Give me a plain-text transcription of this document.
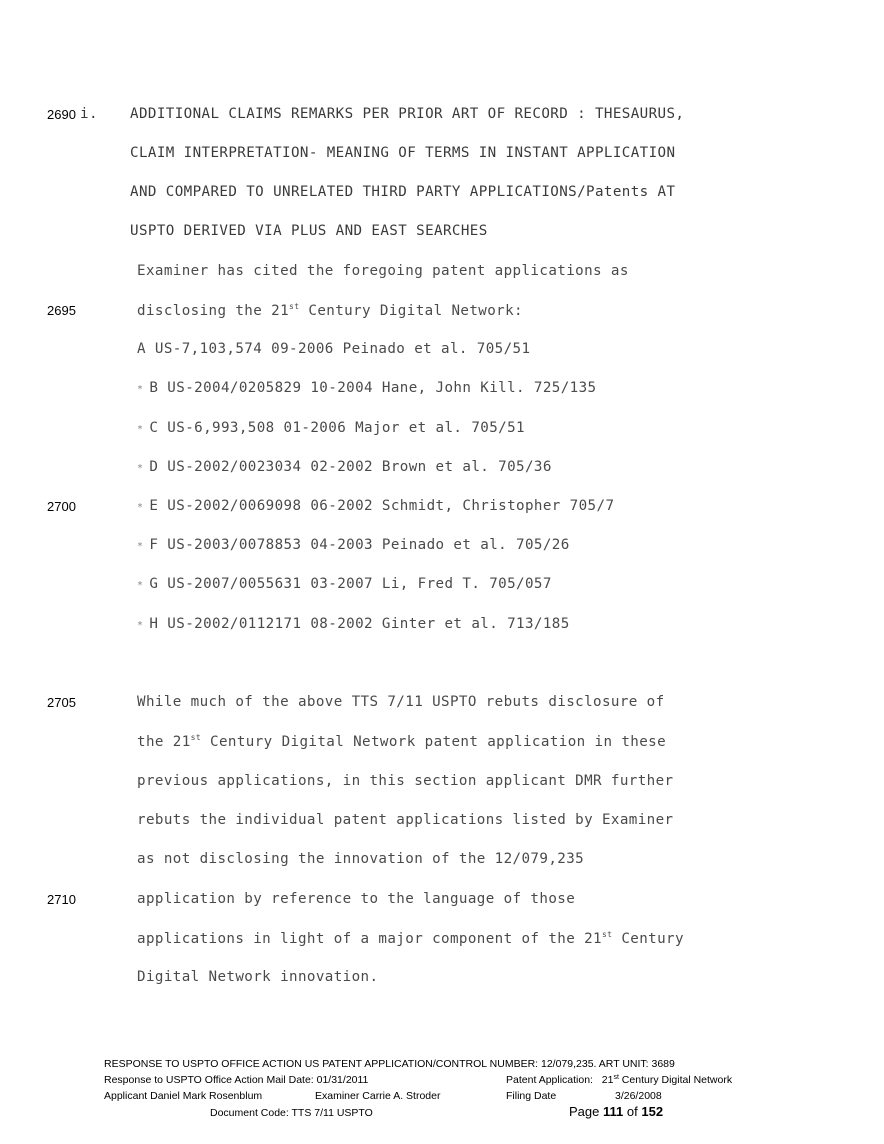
2690
2695
2700
2705
2710
i. ADDITIONAL CLAIMS REMARKS PER PRIOR ART OF RECORD : THESAURUS,
CLAIM INTERPRETATION- MEANING OF TERMS IN INSTANT APPLICATION
AND COMPARED TO UNRELATED THIRD PARTY APPLICATIONS/Patents AT
USPTO DERIVED VIA PLUS AND EAST SEARCHES
Examiner has cited the foregoing patent applications as
disclosing the 21st Century Digital Network:
A US-7,103,574 09-2006 Peinado et al. 705/51
* B US-2004/0205829 10-2004 Hane, John Kill. 725/135
* C US-6,993,508 01-2006 Major et al. 705/51
* D US-2002/0023034 02-2002 Brown et al. 705/36
* E US-2002/0069098 06-2002 Schmidt, Christopher 705/7
* F US-2003/0078853 04-2003 Peinado et al. 705/26
* G US-2007/0055631 03-2007 Li, Fred T. 705/057
* H US-2002/0112171 08-2002 Ginter et al. 713/185
While much of the above TTS 7/11 USPTO rebuts disclosure of
the 21st Century Digital Network patent application in these
previous applications, in this section applicant DMR further
rebuts the individual patent applications listed by Examiner
as not disclosing the innovation of the 12/079,235
application by reference to the language of those
applications in light of a major component of the 21st Century
Digital Network innovation.
RESPONSE TO USPTO OFFICE ACTION US PATENT APPLICATION/CONTROL NUMBER: 12/079,235. ART UNIT: 3689
Response to USPTO Office Action Mail Date: 01/31/2011	Patent Application: 21st Century Digital Network
Applicant Daniel Mark Rosenblum	Examiner Carrie A. Stroder	Filing Date	3/26/2008
Document Code: TTS 7/11 USPTO	Page 111 of 152
